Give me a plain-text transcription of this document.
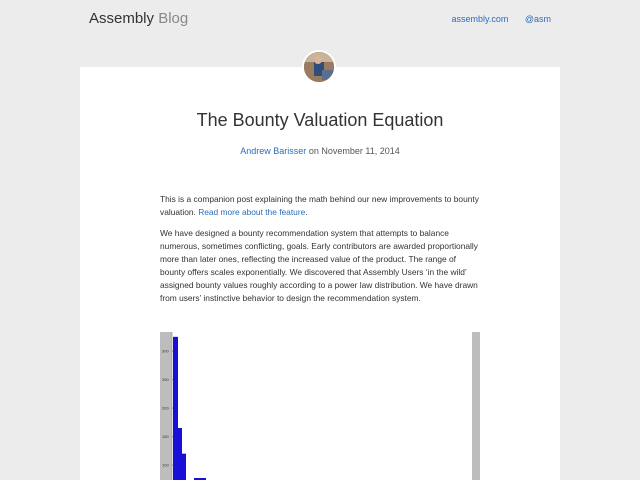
Assembly Blog	assembly.com @asm
The Bounty Valuation Equation
Andrew Barisser on November 11, 2014

This is a companion post explaining the math behind our new improvements to bounty valuation. Read more about the feature.

We have designed a bounty recommendation system that attempts to balance numerous, sometimes conflicting, goals. Early contributors are awarded proportionally more than later ones, reflecting the increased value of the product. The range of bounty offers scales exponentially. We discovered that Assembly Users ‘in the wild’ assigned bounty values roughly according to a power law distribution. We have drawn from users’ instinctive behavior to design the recommendation system.

300
250
200
150
100
